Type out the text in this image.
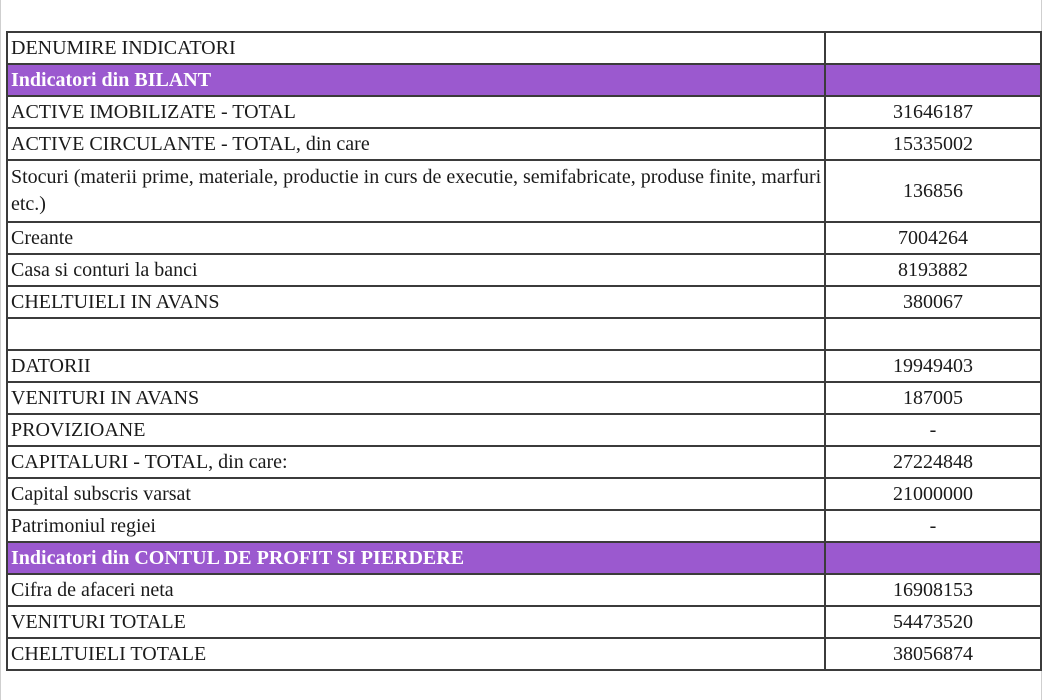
DENUMIRE INDICATORI	
Indicatori din BILANT	
ACTIVE IMOBILIZATE - TOTAL	31646187
ACTIVE CIRCULANTE - TOTAL, din care	15335002
Stocuri (materii prime, materiale, productie in curs de executie, semifabricate, produse finite, marfuri etc.)	136856
Creante	7004264
Casa si conturi la banci	8193882
CHELTUIELI IN AVANS	380067

DATORII	19949403
VENITURI IN AVANS	187005
PROVIZIOANE	-
CAPITALURI - TOTAL, din care:	27224848
Capital subscris varsat	21000000
Patrimoniul regiei	-
Indicatori din CONTUL DE PROFIT SI PIERDERE	
Cifra de afaceri neta	16908153
VENITURI TOTALE	54473520
CHELTUIELI TOTALE	38056874
